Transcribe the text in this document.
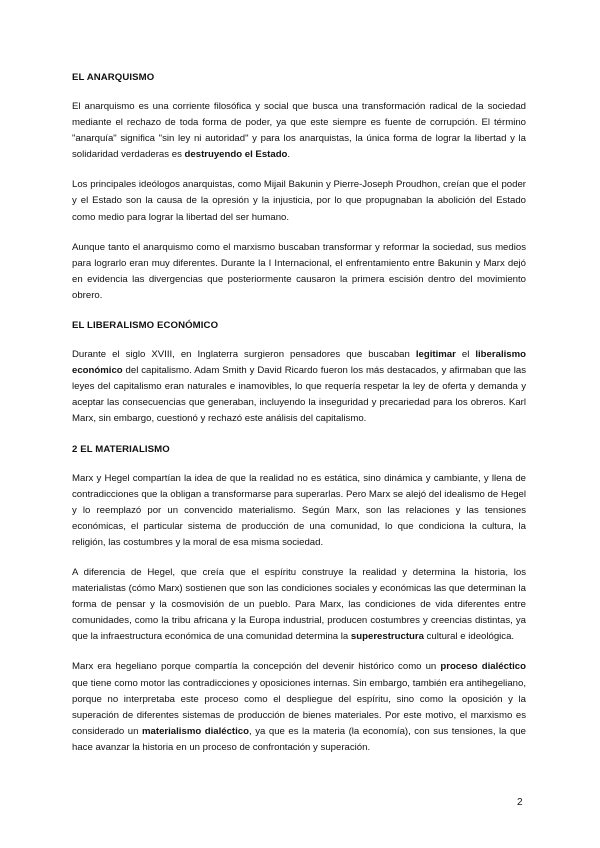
EL ANARQUISMO

El anarquismo es una corriente filosófica y social que busca una transformación radical de la sociedad mediante el rechazo de toda forma de poder, ya que este siempre es fuente de corrupción. El término "anarquía" significa "sin ley ni autoridad" y para los anarquistas, la única forma de lograr la libertad y la solidaridad verdaderas es destruyendo el Estado.

Los principales ideólogos anarquistas, como Mijail Bakunin y Pierre-Joseph Proudhon, creían que el poder y el Estado son la causa de la opresión y la injusticia, por lo que propugnaban la abolición del Estado como medio para lograr la libertad del ser humano.

Aunque tanto el anarquismo como el marxismo buscaban transformar y reformar la sociedad, sus medios para lograrlo eran muy diferentes. Durante la I Internacional, el enfrentamiento entre Bakunin y Marx dejó en evidencia las divergencias que posteriormente causaron la primera escisión dentro del movimiento obrero.

EL LIBERALISMO ECONÓMICO

Durante el siglo XVIII, en Inglaterra surgieron pensadores que buscaban legitimar el liberalismo económico del capitalismo. Adam Smith y David Ricardo fueron los más destacados, y afirmaban que las leyes del capitalismo eran naturales e inamovibles, lo que requería respetar la ley de oferta y demanda y aceptar las consecuencias que generaban, incluyendo la inseguridad y precariedad para los obreros. Karl Marx, sin embargo, cuestionó y rechazó este análisis del capitalismo.

2 EL MATERIALISMO

Marx y Hegel compartían la idea de que la realidad no es estática, sino dinámica y cambiante, y llena de contradicciones que la obligan a transformarse para superarlas. Pero Marx se alejó del idealismo de Hegel y lo reemplazó por un convencido materialismo. Según Marx, son las relaciones y las tensiones económicas, el particular sistema de producción de una comunidad, lo que condiciona la cultura, la religión, las costumbres y la moral de esa misma sociedad.

A diferencia de Hegel, que creía que el espíritu construye la realidad y determina la historia, los materialistas (cómo Marx) sostienen que son las condiciones sociales y económicas las que determinan la forma de pensar y la cosmovisión de un pueblo. Para Marx, las condiciones de vida diferentes entre comunidades, como la tribu africana y la Europa industrial, producen costumbres y creencias distintas, ya que la infraestructura económica de una comunidad determina la superestructura cultural e ideológica.

Marx era hegeliano porque compartía la concepción del devenir histórico como un proceso dialéctico que tiene como motor las contradicciones y oposiciones internas. Sin embargo, también era antihegeliano, porque no interpretaba este proceso como el despliegue del espíritu, sino como la oposición y la superación de diferentes sistemas de producción de bienes materiales. Por este motivo, el marxismo es considerado un materialismo dialéctico, ya que es la materia (la economía), con sus tensiones, la que hace avanzar la historia en un proceso de confrontación y superación.

2
